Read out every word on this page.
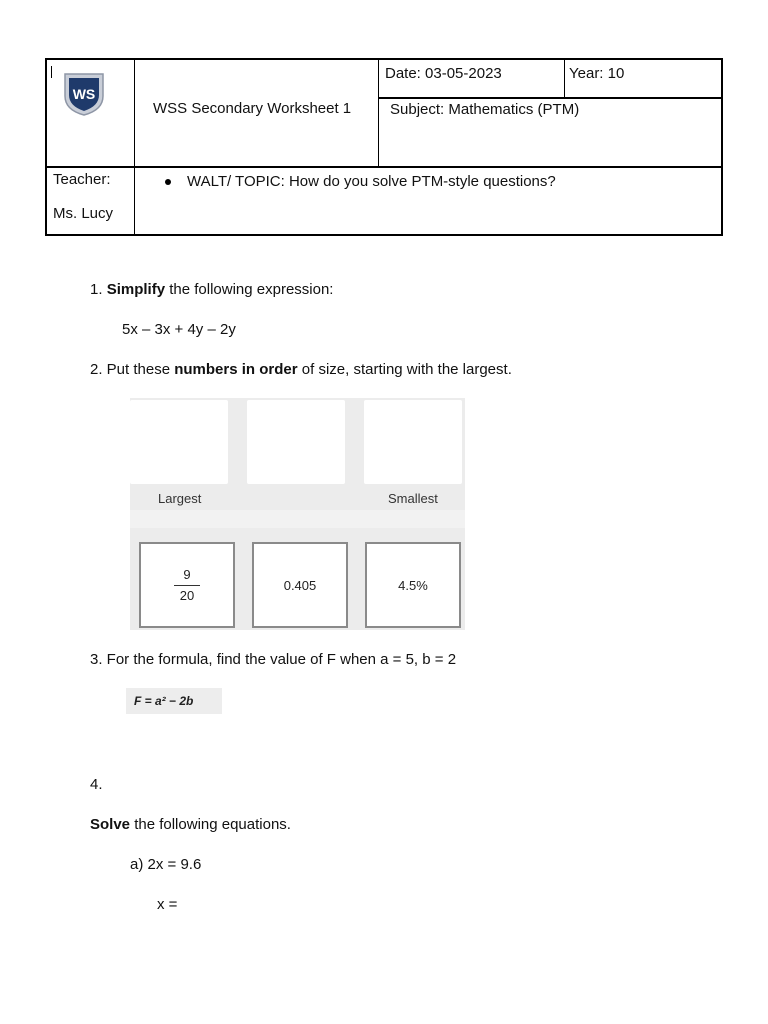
WS
WSS Secondary Worksheet 1
Date: 03-05-2023	Year: 10
Subject: Mathematics (PTM)
Teacher:
Ms. Lucy
WALT/ TOPIC: How do you solve PTM-style questions?
1. Simplify the following expression:
5x – 3x + 4y – 2y
2. Put these numbers in order of size, starting with the largest.
Largest	Smallest
$\frac{9}{20}$	0.405	4.5%
3. For the formula, find the value of F when a = 5, b = 2
F = a² − 2b
4.
Solve the following equations.
a) 2x = 9.6
x =
